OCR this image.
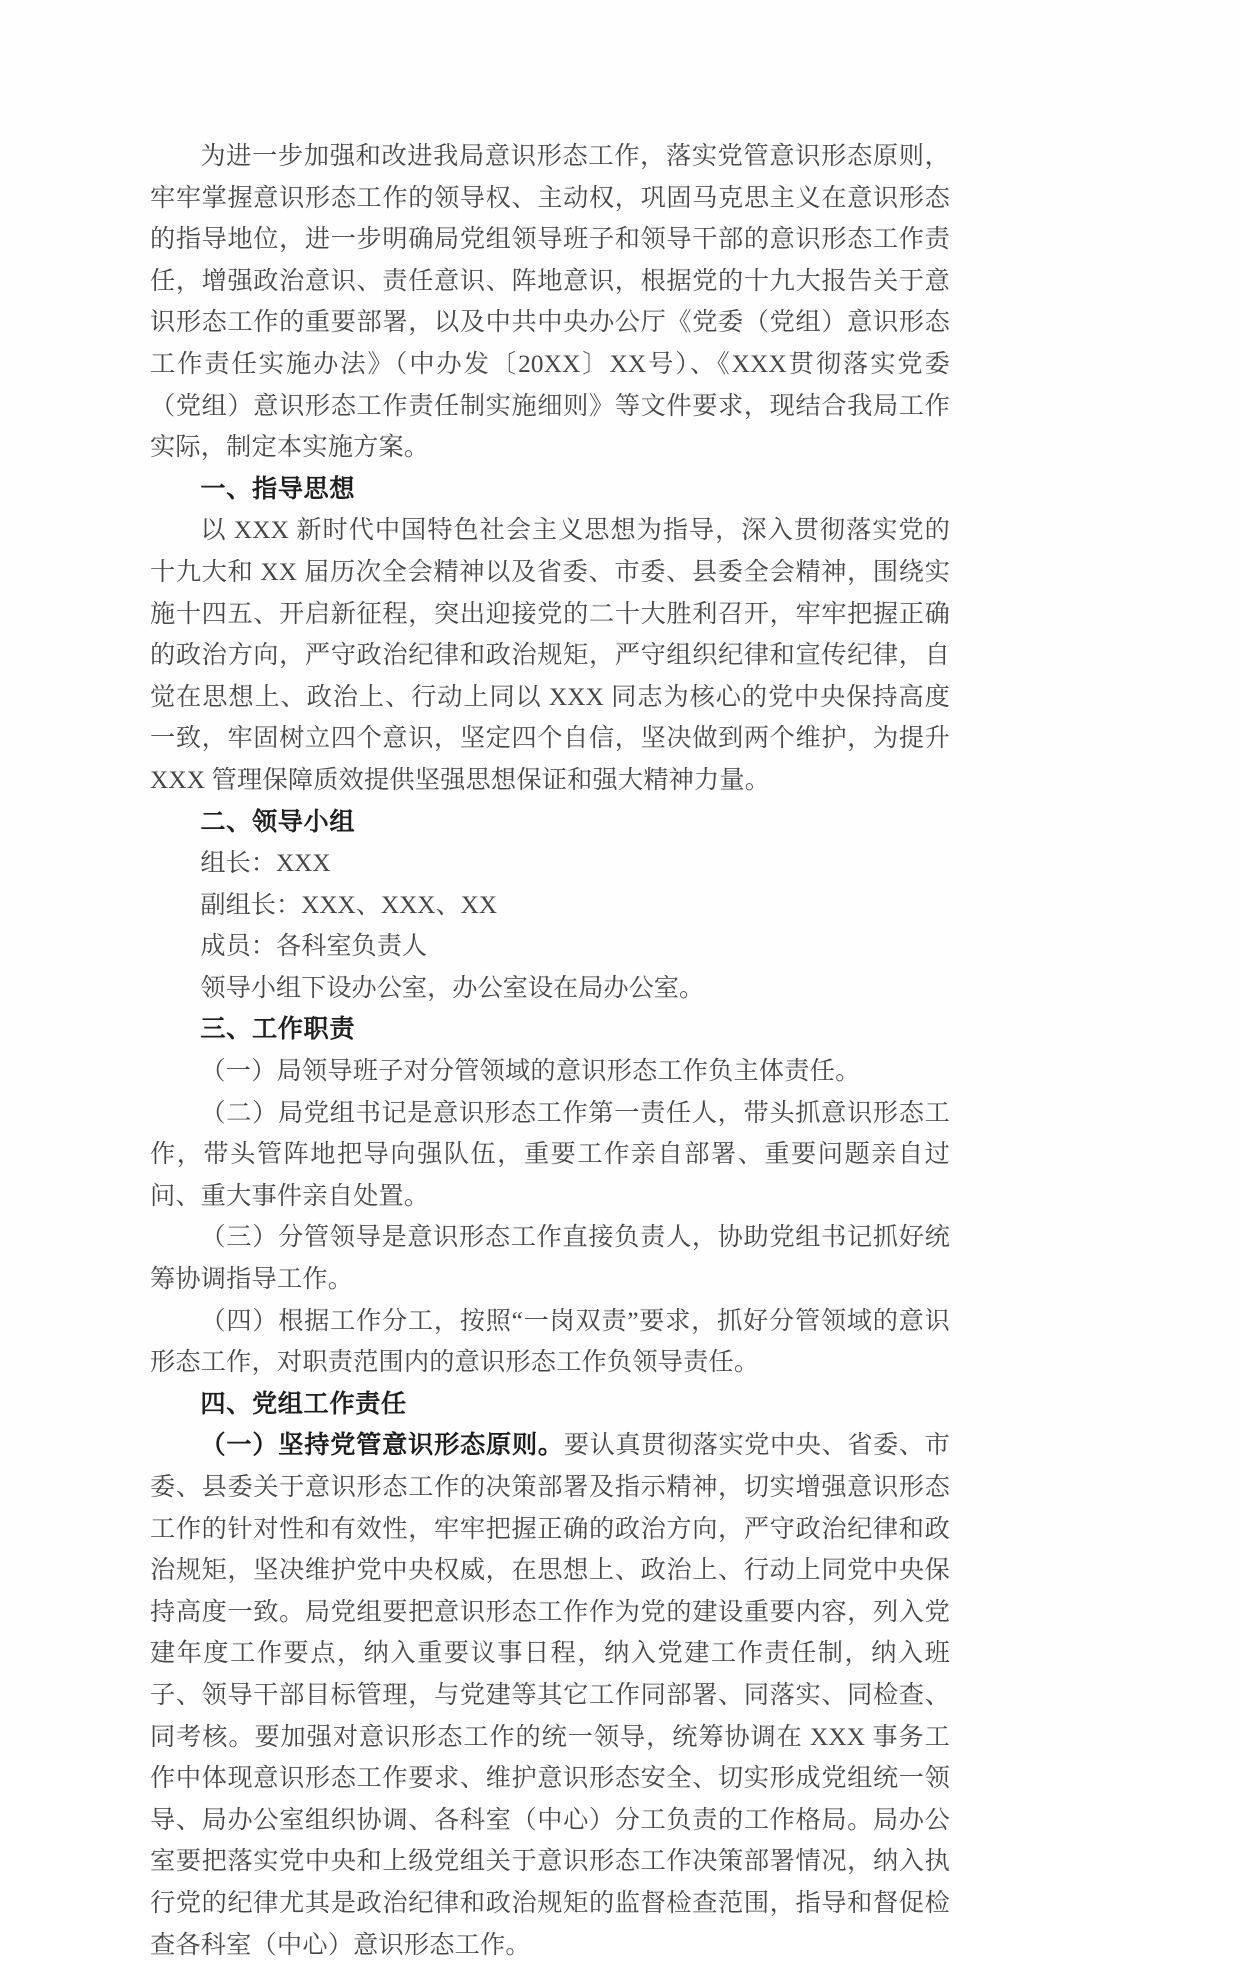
为进一步加强和改进我局意识形态工作，落实党管意识形态原则，牢牢掌握意识形态工作的领导权、主动权，巩固马克思主义在意识形态的指导地位，进一步明确局党组领导班子和领导干部的意识形态工作责任，增强政治意识、责任意识、阵地意识，根据党的十九大报告关于意识形态工作的重要部署，以及中共中央办公厅《党委（党组）意识形态工作责任实施办法》（中办发〔20XX〕XX号）、《XXX贯彻落实党委（党组）意识形态工作责任制实施细则》等文件要求，现结合我局工作实际，制定本实施方案。

一、指导思想

以 XXX 新时代中国特色社会主义思想为指导，深入贯彻落实党的十九大和 XX 届历次全会精神以及省委、市委、县委全会精神，围绕实施十四五、开启新征程，突出迎接党的二十大胜利召开，牢牢把握正确的政治方向，严守政治纪律和政治规矩，严守组织纪律和宣传纪律，自觉在思想上、政治上、行动上同以 XXX 同志为核心的党中央保持高度一致，牢固树立四个意识，坚定四个自信，坚决做到两个维护，为提升 XXX 管理保障质效提供坚强思想保证和强大精神力量。

二、领导小组

组长：XXX

副组长：XXX、XXX、XX

成员：各科室负责人

领导小组下设办公室，办公室设在局办公室。

三、工作职责

（一）局领导班子对分管领域的意识形态工作负主体责任。

（二）局党组书记是意识形态工作第一责任人，带头抓意识形态工作，带头管阵地把导向强队伍，重要工作亲自部署、重要问题亲自过问、重大事件亲自处置。

（三）分管领导是意识形态工作直接负责人，协助党组书记抓好统筹协调指导工作。

（四）根据工作分工，按照“一岗双责”要求，抓好分管领域的意识形态工作，对职责范围内的意识形态工作负领导责任。

四、党组工作责任

（一）坚持党管意识形态原则。要认真贯彻落实党中央、省委、市委、县委关于意识形态工作的决策部署及指示精神，切实增强意识形态工作的针对性和有效性，牢牢把握正确的政治方向，严守政治纪律和政治规矩，坚决维护党中央权威，在思想上、政治上、行动上同党中央保持高度一致。局党组要把意识形态工作作为党的建设重要内容，列入党建年度工作要点，纳入重要议事日程，纳入党建工作责任制，纳入班子、领导干部目标管理，与党建等其它工作同部署、同落实、同检查、同考核。要加强对意识形态工作的统一领导，统筹协调在 XXX 事务工作中体现意识形态工作要求、维护意识形态安全、切实形成党组统一领导、局办公室组织协调、各科室（中心）分工负责的工作格局。局办公室要把落实党中央和上级党组关于意识形态工作决策部署情况，纳入执行党的纪律尤其是政治纪律和政治规矩的监督检查范围，指导和督促检查各科室（中心）意识形态工作。
